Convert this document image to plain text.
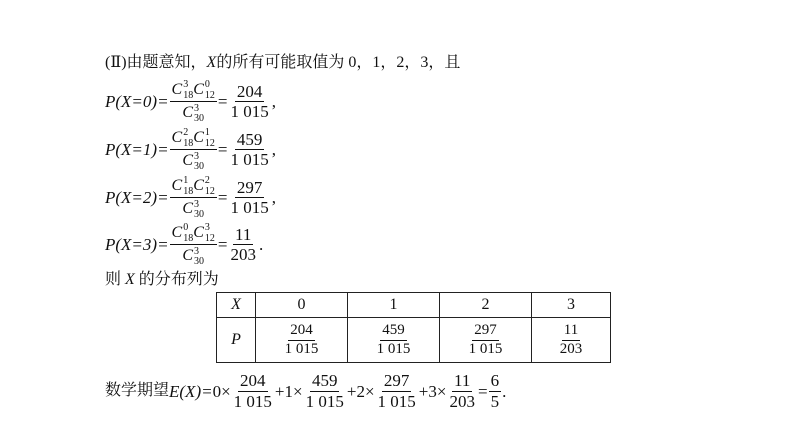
(Ⅱ)由题意知，X的所有可能取值为 0，1，2，3，且
P(X=0)= C 3
18 C 0
12
C 3
$30 = \frac{204}{1 015}$ ,
P(X=1)= C 2
18 C 1
12
C 3
$30 = \frac{459}{1 015}$ ,
P(X=2)= C 1
18 C 2
12
C 3
$30 = \frac{297}{1 015}$ ,
P(X=3)= C 0
18 C 3
12
C 3
$30 = \frac{11}{203}$ .
则 X 的分布列为
X	0	1	2	3
P	$\frac{204}{1 015}$	$\frac{459}{1 015}$	$\frac{297}{1 015}$	$\frac{11}{203}$
数学期望 $E(X)= 0\times \frac{204}{1 015} + 1\times \frac{459}{1 015} + 2\times \frac{297}{1 015} + 3\times \frac{11}{203} = \frac{6}{5}$ .
